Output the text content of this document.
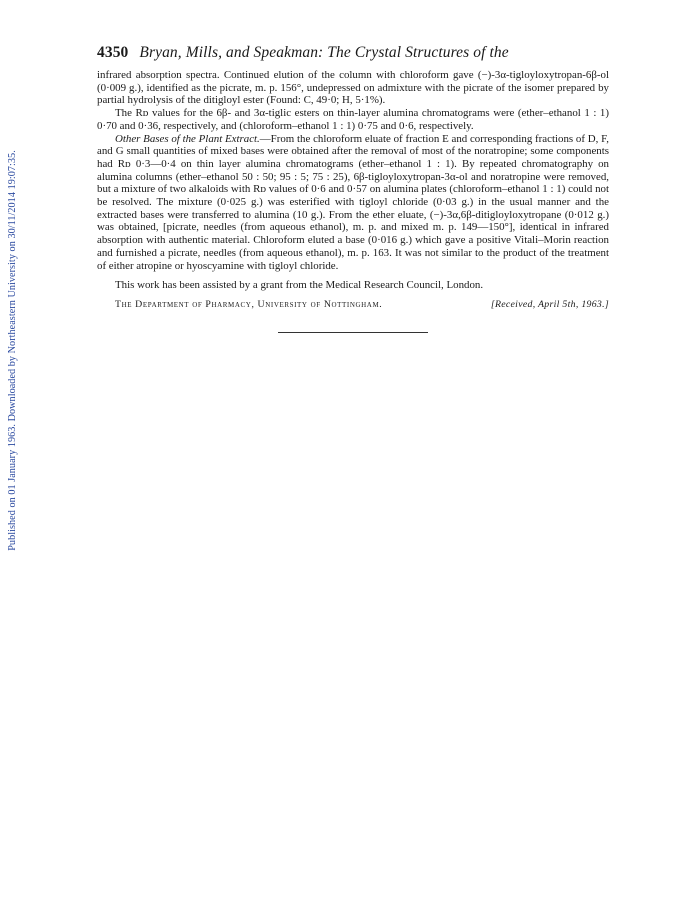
Published on 01 January 1963. Downloaded by Northeastern University on 30/11/2014 19:07:35.
4350 Bryan, Mills, and Speakman: The Crystal Structures of the

infrared absorption spectra. Continued elution of the column with chloroform gave (−)-3α-tigloyloxytropan-6β-ol (0·009 g.), identified as the picrate, m. p. 156°, undepressed on admixture with the picrate of the isomer prepared by partial hydrolysis of the ditigloyl ester (Found: C, 49·0; H, 5·1%).

The Rᴅ values for the 6β- and 3α-tiglic esters on thin-layer alumina chromatograms were (ether–ethanol 1 : 1) 0·70 and 0·36, respectively, and (chloroform–ethanol 1 : 1) 0·75 and 0·6, respectively.

Other Bases of the Plant Extract.—From the chloroform eluate of fraction E and corresponding fractions of D, F, and G small quantities of mixed bases were obtained after the removal of most of the noratropine; some components had Rᴅ 0·3—0·4 on thin layer alumina chromatograms (ether–ethanol 1 : 1). By repeated chromatography on alumina columns (ether–ethanol 50 : 50; 95 : 5; 75 : 25), 6β-tigloyloxytropan-3α-ol and noratropine were removed, but a mixture of two alkaloids with Rᴅ values of 0·6 and 0·57 on alumina plates (chloroform–ethanol 1 : 1) could not be resolved. The mixture (0·025 g.) was esterified with tigloyl chloride (0·03 g.) in the usual manner and the extracted bases were transferred to alumina (10 g.). From the ether eluate, (−)-3α,6β-ditigloyloxytropane (0·012 g.) was obtained, [picrate, needles (from aqueous ethanol), m. p. and mixed m. p. 149—150°], identical in infrared absorption with authentic material. Chloroform eluted a base (0·016 g.) which gave a positive Vitali–Morin reaction and furnished a picrate, needles (from aqueous ethanol), m. p. 163. It was not similar to the product of the treatment of either atropine or hyoscyamine with tigloyl chloride.

This work has been assisted by a grant from the Medical Research Council, London.

The Department of Pharmacy, University of Nottingham.	[Received, April 5th, 1963.]
